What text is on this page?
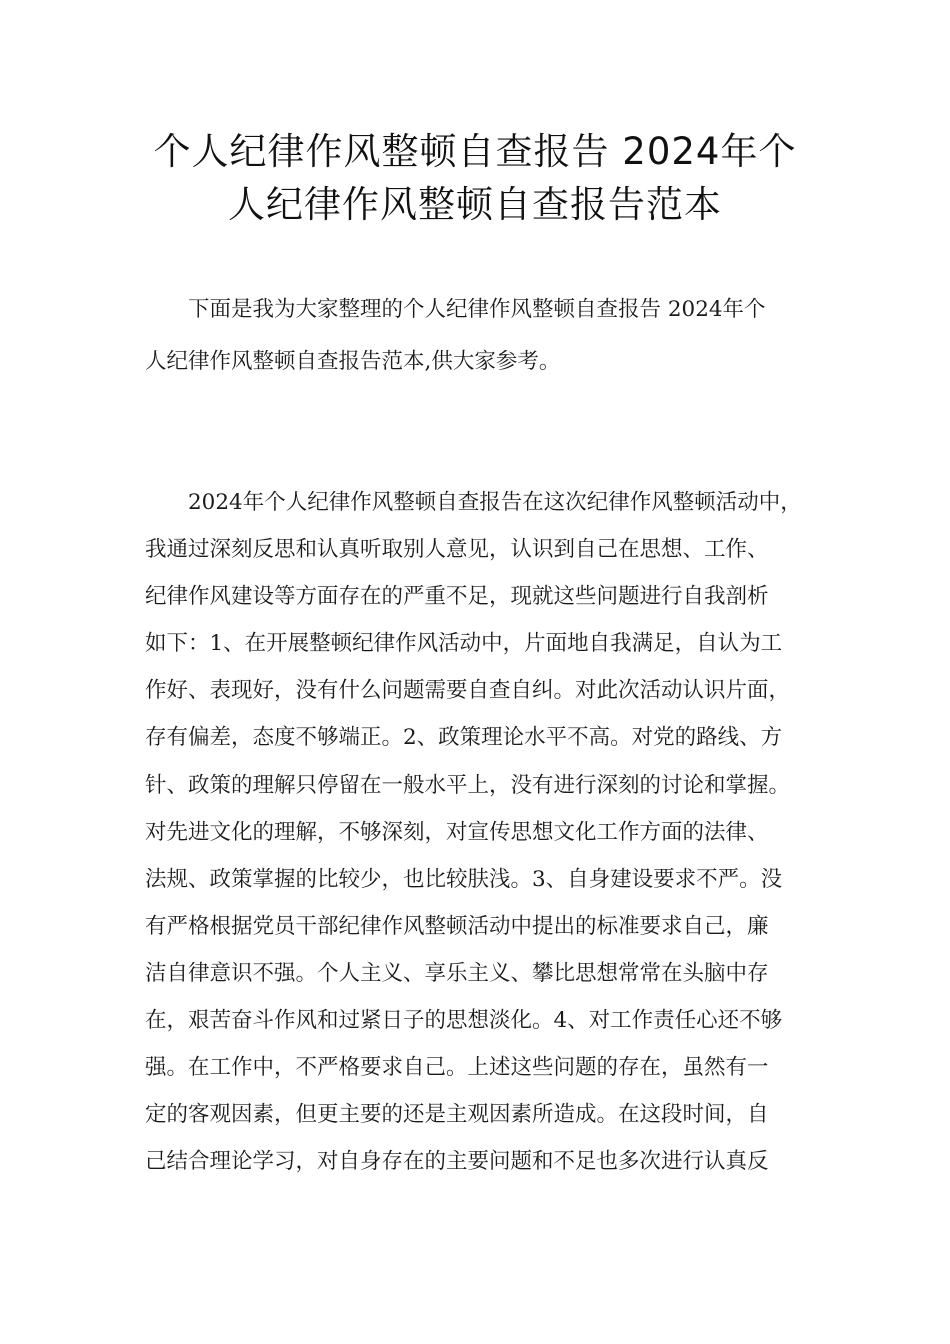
个人纪律作风整顿自查报告 2024年个
人纪律作风整顿自查报告范本
下面是我为大家整理的个人纪律作风整顿自查报告 2024年个
人纪律作风整顿自查报告范本,供大家参考。
2024年个人纪律作风整顿自查报告在这次纪律作风整顿活动中，
我通过深刻反思和认真听取别人意见，认识到自己在思想、工作、
纪律作风建设等方面存在的严重不足，现就这些问题进行自我剖析
如下：1、在开展整顿纪律作风活动中，片面地自我满足，自认为工
作好、表现好，没有什么问题需要自查自纠。对此次活动认识片面，
存有偏差，态度不够端正。2、政策理论水平不高。对党的路线、方
针、政策的理解只停留在一般水平上，没有进行深刻的讨论和掌握。
对先进文化的理解，不够深刻，对宣传思想文化工作方面的法律、
法规、政策掌握的比较少，也比较肤浅。3、自身建设要求不严。没
有严格根据党员干部纪律作风整顿活动中提出的标准要求自己，廉
洁自律意识不强。个人主义、享乐主义、攀比思想常常在头脑中存
在，艰苦奋斗作风和过紧日子的思想淡化。4、对工作责任心还不够
强。在工作中，不严格要求自己。上述这些问题的存在，虽然有一
定的客观因素，但更主要的还是主观因素所造成。在这段时间，自
己结合理论学习，对自身存在的主要问题和不足也多次进行认真反
